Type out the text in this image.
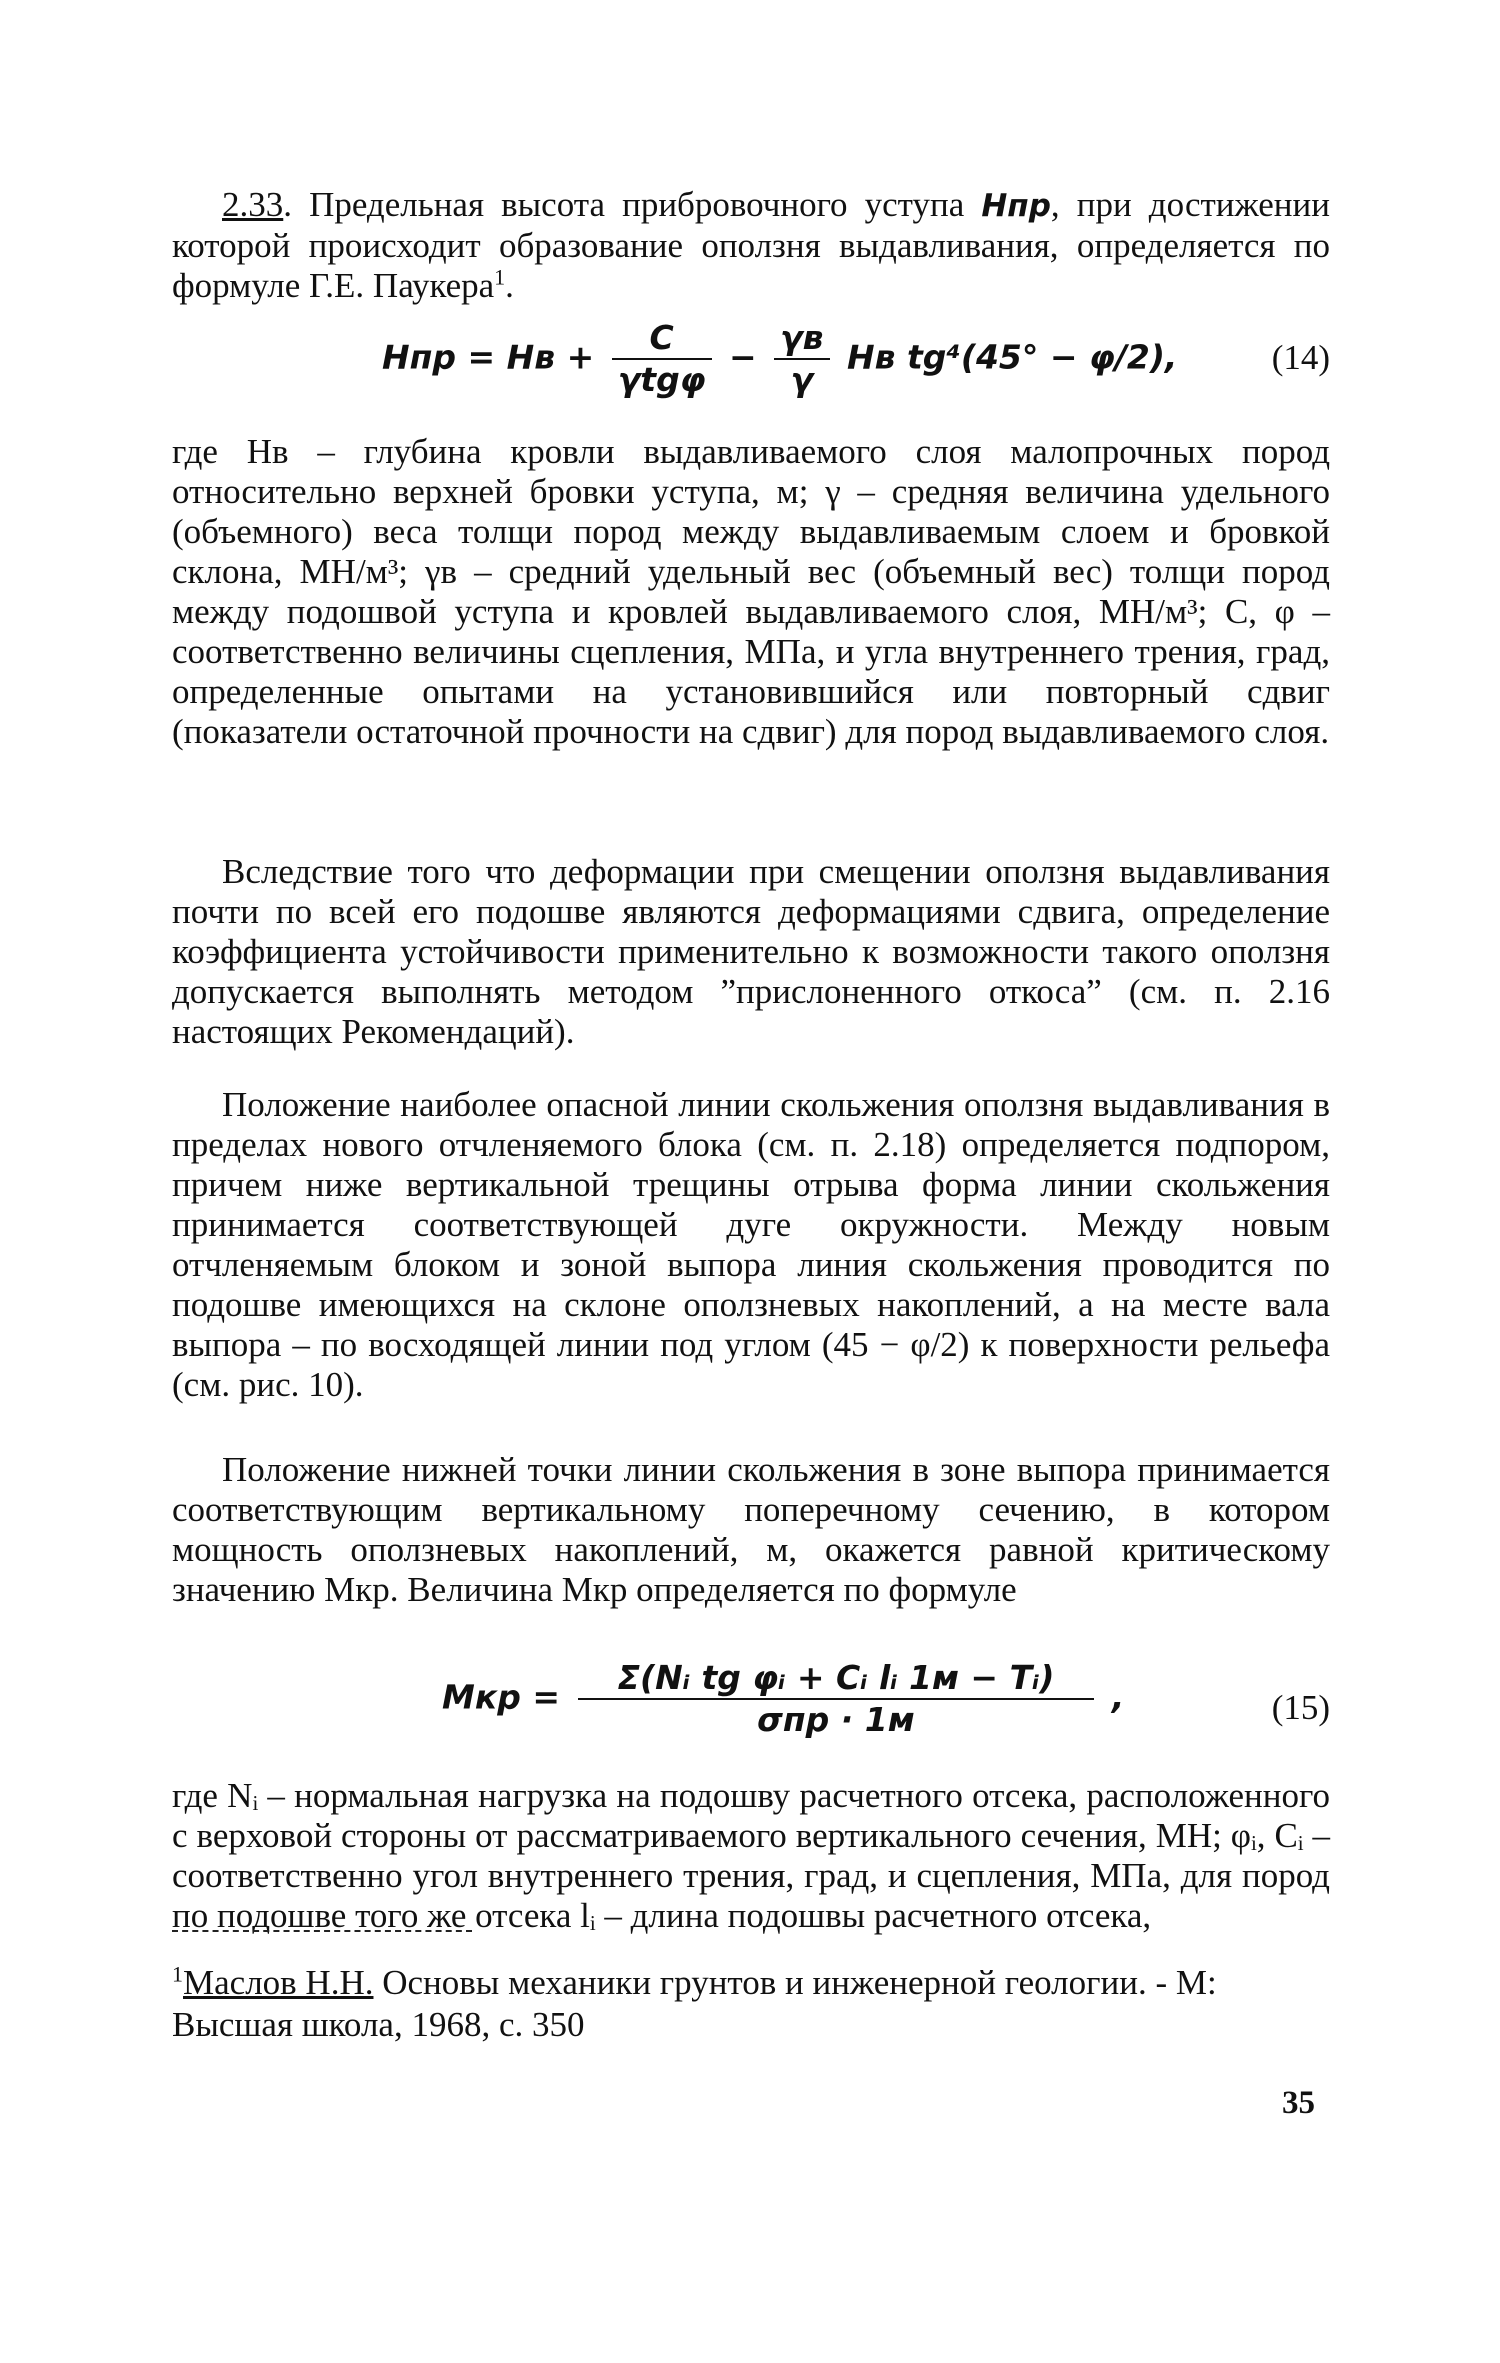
2.33. Предельная высота прибровочного уступа Hпр, при достижении которой происходит образование оползня выдавливания, определяется по формуле Г.Е. Паукера$^1$.

Hпр = Hв + $\frac{C}{\text{γtgφ}} - \frac{\gamma в}{\gamma}$ Hв tg⁴(45° − φ/2),	(14)

где Hв – глубина кровли выдавливаемого слоя малопрочных пород относительно верхней бровки уступа, м; γ – средняя величина удельного (объемного) веса толщи пород между выдавливаемым слоем и бровкой склона, МН/м³; γв – средний удельный вес (объемный вес) толщи пород между подошвой уступа и кровлей выдавливаемого слоя, МН/м³; C, φ – соответственно величины сцепления, МПа, и угла внутреннего трения, град, определенные опытами на установившийся или повторный сдвиг (показатели остаточной прочности на сдвиг) для пород выдавливаемого слоя.

Вследствие того что деформации при смещении оползня выдавливания почти по всей его подошве являются деформациями сдвига, определение коэффициента устойчивости применительно к возможности такого оползня допускается выполнять методом ”прислоненного откоса” (см. п. 2.16 настоящих Рекомендаций).

Положение наиболее опасной линии скольжения оползня выдавливания в пределах нового отчленяемого блока (см. п. 2.18) определяется подпором, причем ниже вертикальной трещины отрыва форма линии скольжения принимается соответствующей дуге окружности. Между новым отчленяемым блоком и зоной выпора линия скольжения проводится по подошве имеющихся на склоне оползневых накоплений, а на месте вала выпора – по восходящей линии под углом (45 − φ/2) к поверхности рельефа (см. рис. 10).

Положение нижней точки линии скольжения в зоне выпора принимается соответствующим вертикальному поперечному сечению, в котором мощность оползневых накоплений, м, окажется равной критическому значению Mкр. Величина Mкр определяется по формуле

Mкр = $\frac{\text{Σ(Nᵢ tg φᵢ + Cᵢ lᵢ 1м − Tᵢ)}}{\text{σпр · 1м}}$ ,	(15)

где Nᵢ – нормальная нагрузка на подошву расчетного отсека, расположенного с верховой стороны от рассматриваемого вертикального сечения, МН; φᵢ, Cᵢ – соответственно угол внутреннего трения, град, и сцепления, МПа, для пород по подошве того же отсека lᵢ – длина подошвы расчетного отсека,

$^1$Маслов Н.Н. Основы механики грунтов и инженерной геологии. - М: Высшая школа, 1968, с. 350
35
